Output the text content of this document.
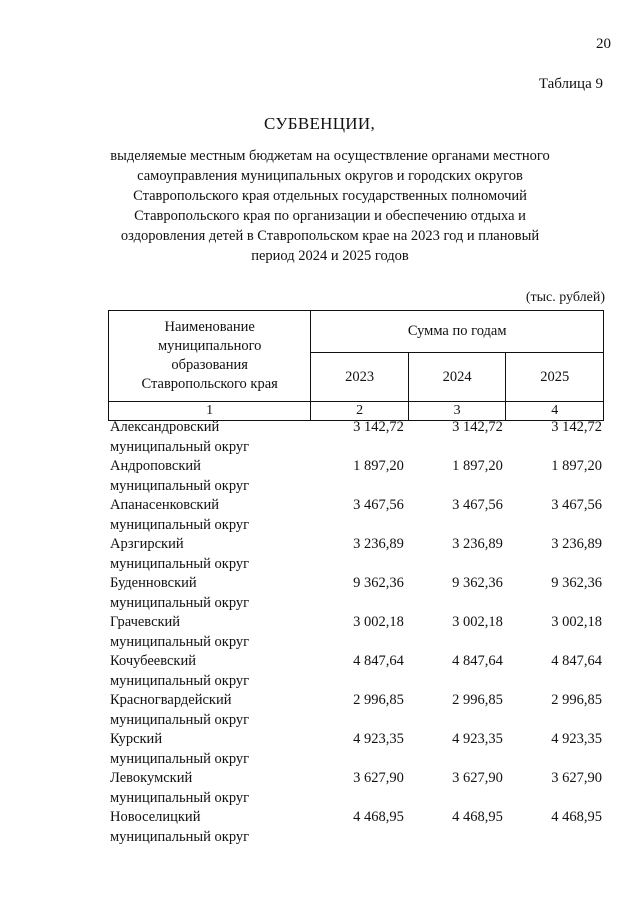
20
Таблица 9
СУБВЕНЦИИ,
выделяемые местным бюджетам на осуществление органами местного
самоуправления муниципальных округов и городских округов
Ставропольского края отдельных государственных полномочий
Ставропольского края по организации и обеспечению отдыха и
оздоровления детей в Ставропольском крае на 2023 год и плановый
период 2024 и 2025 годов
(тыс. рублей)
Наименование
муниципального
образования
Ставропольского края	Сумма по годам		
	2023	2024	2025
1	2	3	4
Александровский
муниципальный округ	3 142,72	3 142,72	3 142,72

Андроповский
муниципальный округ	1 897,20	1 897,20	1 897,20

Апанасенковский
муниципальный округ	3 467,56	3 467,56	3 467,56

Арзгирский
муниципальный округ	3 236,89	3 236,89	3 236,89

Буденновский
муниципальный округ	9 362,36	9 362,36	9 362,36

Грачевский
муниципальный округ	3 002,18	3 002,18	3 002,18

Кочубеевский
муниципальный округ	4 847,64	4 847,64	4 847,64

Красногвардейский
муниципальный округ	2 996,85	2 996,85	2 996,85

Курский
муниципальный округ	4 923,35	4 923,35	4 923,35

Левокумский
муниципальный округ	3 627,90	3 627,90	3 627,90

Новоселицкий
муниципальный округ	4 468,95	4 468,95	4 468,95
